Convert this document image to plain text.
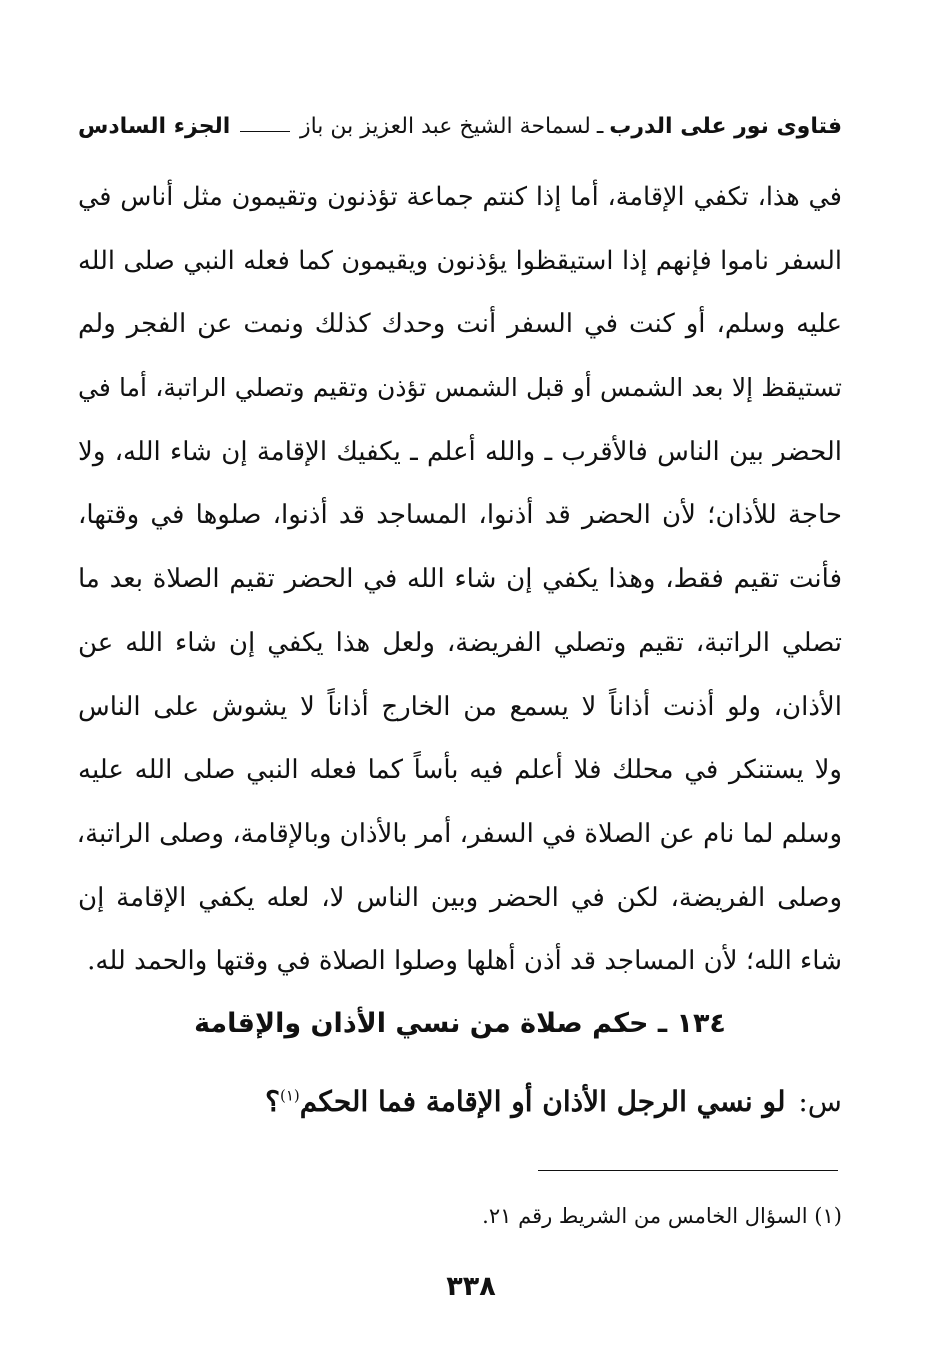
فتاوى نور على الدرب
ـ
لسماحة الشيخ عبد العزيز بن باز
الجزء السادس
في هذا، تكفي الإقامة، أما إذا كنتم جماعة تؤذنون وتقيمون مثل أناس في
السفر ناموا فإنهم إذا استيقظوا يؤذنون ويقيمون كما فعله النبي صلى الله
عليه وسلم، أو كنت في السفر أنت وحدك كذلك ونمت عن الفجر ولم
تستيقظ إلا بعد الشمس أو قبل الشمس تؤذن وتقيم وتصلي الراتبة، أما في
الحضر بين الناس فالأقرب ـ والله أعلم ـ يكفيك الإقامة إن شاء الله، ولا
حاجة للأذان؛ لأن الحضر قد أذنوا، المساجد قد أذنوا، صلوها في وقتها،
فأنت تقيم فقط، وهذا يكفي إن شاء الله في الحضر تقيم الصلاة بعد ما
تصلي الراتبة، تقيم وتصلي الفريضة، ولعل هذا يكفي إن شاء الله عن
الأذان، ولو أذنت أذاناً لا يسمع من الخارج أذاناً لا يشوش على الناس
ولا يستنكر في محلك فلا أعلم فيه بأساً كما فعله النبي صلى الله عليه
وسلم لما نام عن الصلاة في السفر، أمر بالأذان وبالإقامة، وصلى الراتبة،
وصلى الفريضة، لكن في الحضر وبين الناس لا، لعله يكفي الإقامة إن
شاء الله؛ لأن المساجد قد أذن أهلها وصلوا الصلاة في وقتها والحمد لله.
١٣٤ ـ حكم صلاة من نسي الأذان والإقامة
س: لو نسي الرجل الأذان أو الإقامة فما الحكم$^{(١)}$؟
(١) السؤال الخامس من الشريط رقم ٢١.
٣٣٨
